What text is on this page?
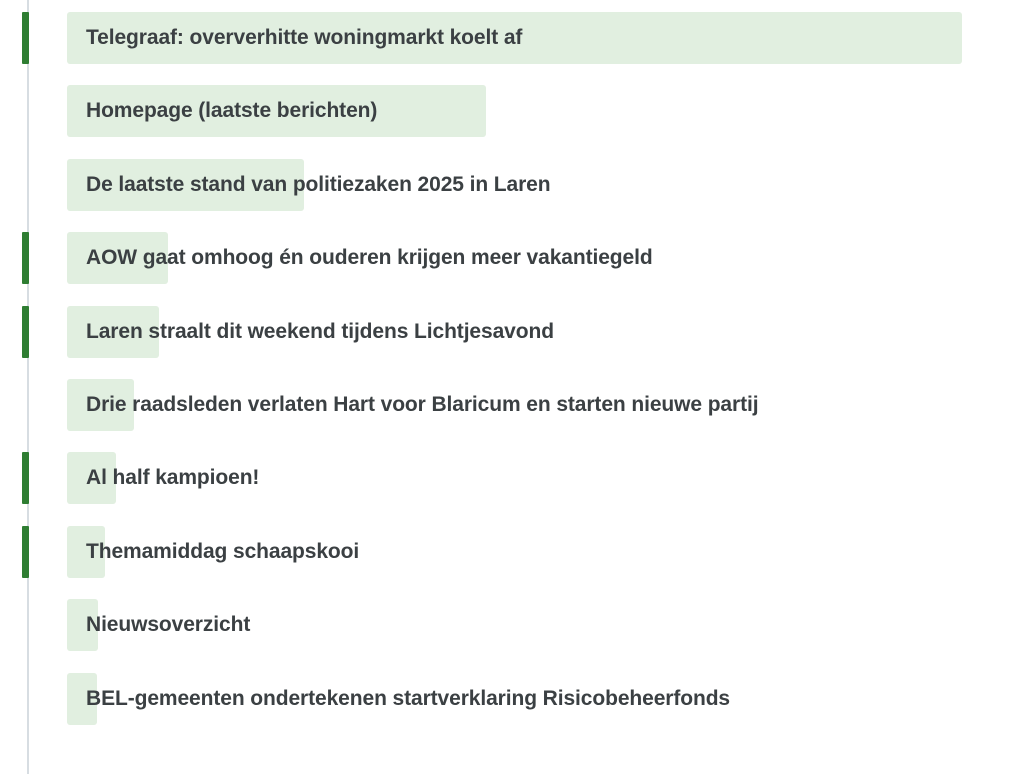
Telegraaf: oververhitte woningmarkt koelt af
Homepage (laatste berichten)
De laatste stand van politiezaken 2025 in Laren
AOW gaat omhoog én ouderen krijgen meer vakantiegeld
Laren straalt dit weekend tijdens Lichtjesavond
Drie raadsleden verlaten Hart voor Blaricum en starten nieuwe partij
Al half kampioen!
Themamiddag schaapskooi
Nieuwsoverzicht
BEL-gemeenten ondertekenen startverklaring Risicobeheerfonds
